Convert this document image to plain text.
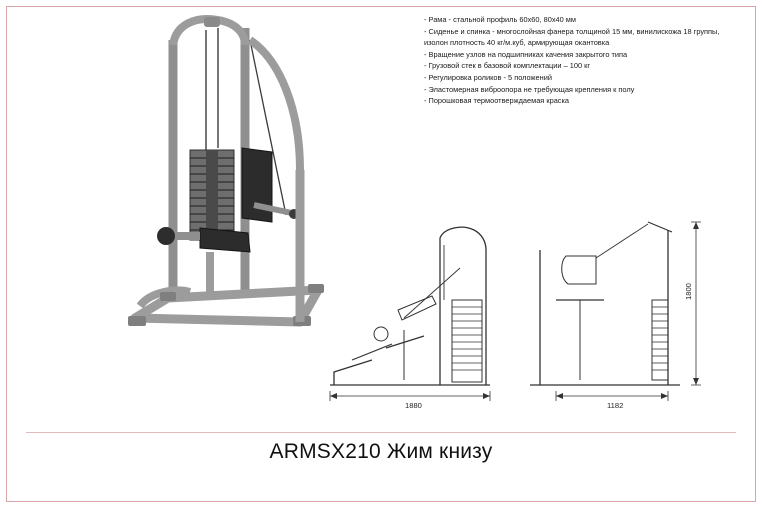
- Рама - стальной профиль 60х60, 80х40 мм
- Сиденье и спинка - многослойная фанера толщиной 15 мм, винилискожа 18 группы, изолон плотность 40 кг/м.куб, армирующая окантовка
- Вращение узлов на подшипниках качения закрытого типа
- Грузовой стек в базовой комплектации – 100 кг
- Регулировка роликов - 5 положений
- Эластомерная виброопора не требующая крепления к полу
- Порошковая термоотверждаемая краска
1880	1182
1800
ARMSX210 Жим книзу
